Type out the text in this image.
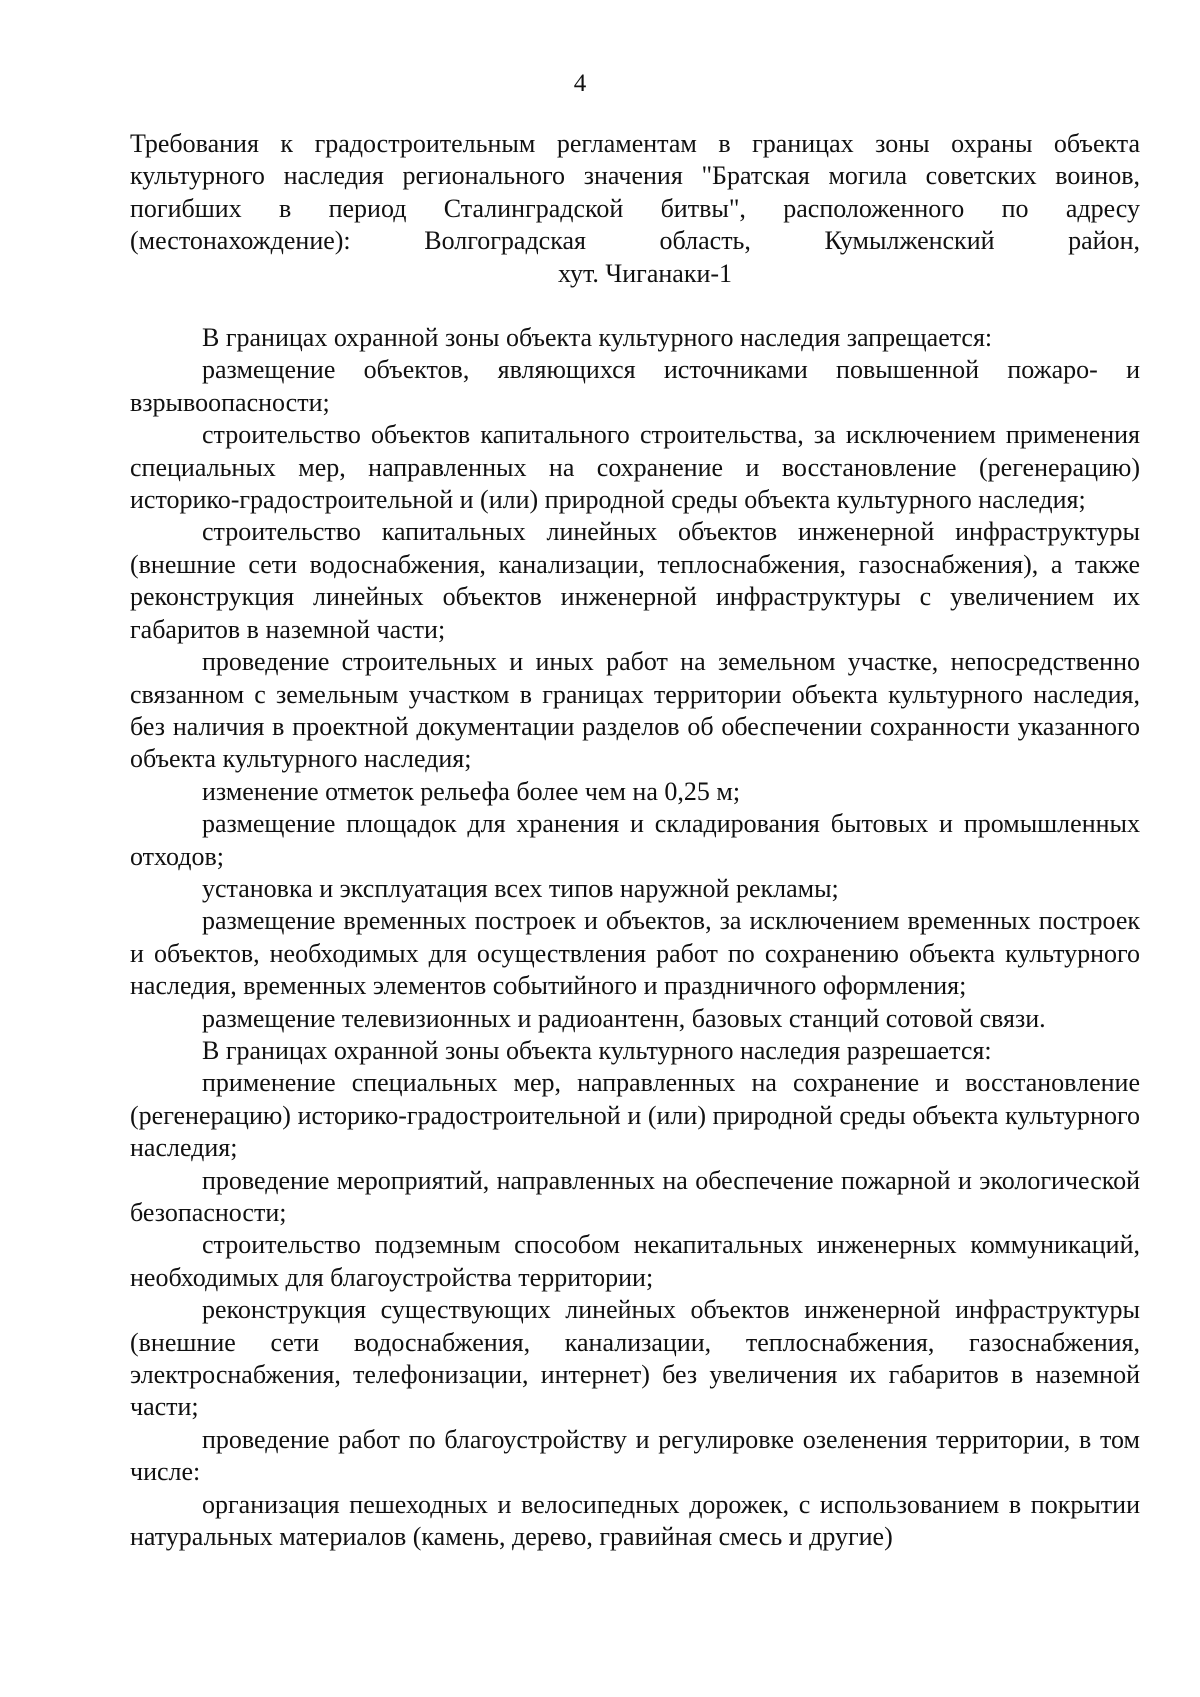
4
Требования к градостроительным регламентам в границах зоны охраны объекта
культурного наследия регионального значения "Братская могила советских воинов,
погибших в период Сталинградской битвы", расположенного по адресу
(местонахождение): Волгоградская область, Кумылженский район,
хут. Чиганаки-1

В границах охранной зоны объекта культурного наследия запрещается:

размещение объектов, являющихся источниками повышенной пожаро- и взрывоопасности;

строительство объектов капитального строительства, за исключением применения специальных мер, направленных на сохранение и восстановление (регенерацию) историко-градостроительной и (или) природной среды объекта культурного наследия;

строительство капитальных линейных объектов инженерной инфраструктуры (внешние сети водоснабжения, канализации, теплоснабжения, газоснабжения), а также реконструкция линейных объектов инженерной инфраструктуры с увеличением их габаритов в наземной части;

проведение строительных и иных работ на земельном участке, непосредственно связанном с земельным участком в границах территории объекта культурного наследия, без наличия в проектной документации разделов об обеспечении сохранности указанного объекта культурного наследия;

изменение отметок рельефа более чем на 0,25 м;

размещение площадок для хранения и складирования бытовых и промышленных отходов;

установка и эксплуатация всех типов наружной рекламы;

размещение временных построек и объектов, за исключением временных построек и объектов, необходимых для осуществления работ по сохранению объекта культурного наследия, временных элементов событийного и праздничного оформления;

размещение телевизионных и радиоантенн, базовых станций сотовой связи.

В границах охранной зоны объекта культурного наследия разрешается:

применение специальных мер, направленных на сохранение и восстановление (регенерацию) историко-градостроительной и (или) природной среды объекта культурного наследия;

проведение мероприятий, направленных на обеспечение пожарной и экологической безопасности;

строительство подземным способом некапитальных инженерных коммуникаций, необходимых для благоустройства территории;

реконструкция существующих линейных объектов инженерной инфраструктуры (внешние сети водоснабжения, канализации, теплоснабжения, газоснабжения, электроснабжения, телефонизации, интернет) без увеличения их габаритов в наземной части;

проведение работ по благоустройству и регулировке озеленения территории, в том числе:

организация пешеходных и велосипедных дорожек, с использованием в покрытии натуральных материалов (камень, дерево, гравийная смесь и другие)
